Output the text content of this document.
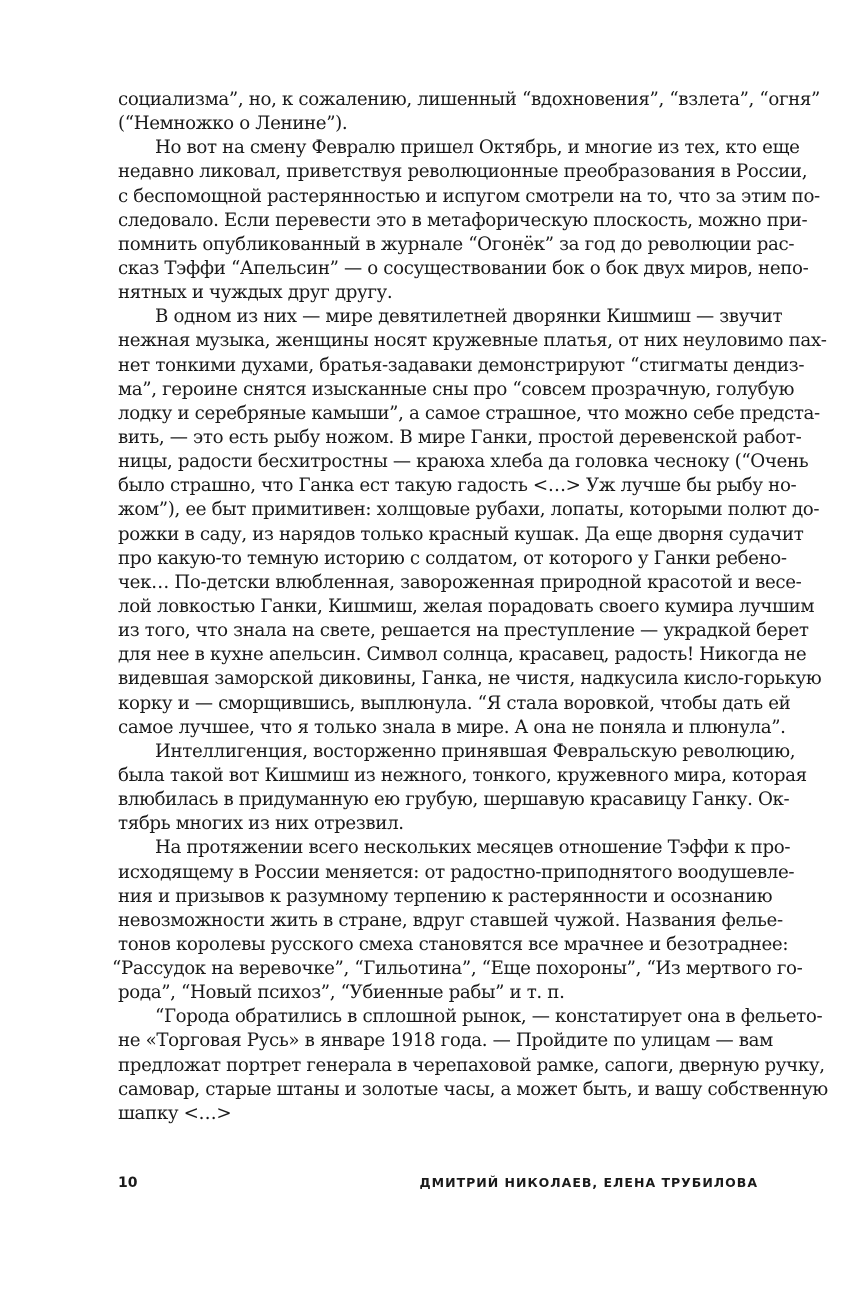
социализма”, но, к сожалению, лишенный “вдохновения”, “взлета”, “огня”
(“Немножко о Ленине”).
Но вот на смену Февралю пришел Октябрь, и многие из тех, кто еще
недавно ликовал, приветствуя революционные преобразования в России,
с беспомощной растерянностью и испугом смотрели на то, что за этим по-
следовало. Если перевести это в метафорическую плоскость, можно при-
помнить опубликованный в журнале “Огонёк” за год до революции рас-
сказ Тэффи “Апельсин” — о сосуществовании бок о бок двух миров, непо-
нятных и чуждых друг другу.
В одном из них — мире девятилетней дворянки Кишмиш — звучит
нежная музыка, женщины носят кружевные платья, от них неуловимо пах-
нет тонкими духами, братья-задаваки демонстрируют “стигматы дендиз-
ма”, героине снятся изысканные сны про “совсем прозрачную, голубую
лодку и серебряные камыши”, а самое страшное, что можно себе предста-
вить, — это есть рыбу ножом. В мире Ганки, простой деревенской работ-
ницы, радости бесхитростны — краюха хлеба да головка чесноку (“Очень
было страшно, что Ганка ест такую гадость <…> Уж лучше бы рыбу но-
жом”), ее быт примитивен: холщовые рубахи, лопаты, которыми полют до-
рожки в саду, из нарядов только красный кушак. Да еще дворня судачит
про какую-то темную историю с солдатом, от которого у Ганки ребено-
чек… По-детски влюбленная, завороженная природной красотой и весе-
лой ловкостью Ганки, Кишмиш, желая порадовать своего кумира лучшим
из того, что знала на свете, решается на преступление — украдкой берет
для нее в кухне апельсин. Символ солнца, красавец, радость! Никогда не
видевшая заморской диковины, Ганка, не чистя, надкусила кисло-горькую
корку и — сморщившись, выплюнула. “Я стала воровкой, чтобы дать ей
самое лучшее, что я только знала в мире. А она не поняла и плюнула”.
Интеллигенция, восторженно принявшая Февральскую революцию,
была такой вот Кишмиш из нежного, тонкого, кружевного мира, которая
влюбилась в придуманную ею грубую, шершавую красавицу Ганку. Ок-
тябрь многих из них отрезвил.
На протяжении всего нескольких месяцев отношение Тэффи к про-
исходящему в России меняется: от радостно-приподнятого воодушевле-
ния и призывов к разумному терпению к растерянности и осознанию
невозможности жить в стране, вдруг ставшей чужой. Названия фелье-
тонов королевы русского смеха становятся все мрачнее и безотраднее:
“Рассудок на веревочке”, “Гильотина”, “Еще похороны”, “Из мертвого го-
рода”, “Новый психоз”, “Убиенные рабы” и т. п.
“Города обратились в сплошной рынок, — констатирует она в фельето-
не «Торговая Русь» в январе 1918 года. — Пройдите по улицам — вам
предложат портрет генерала в черепаховой рамке, сапоги, дверную ручку,
самовар, старые штаны и золотые часы, а может быть, и вашу собственную
шапку <…>
10	ДМИТРИЙ НИКОЛАЕВ, ЕЛЕНА ТРУБИЛОВА
